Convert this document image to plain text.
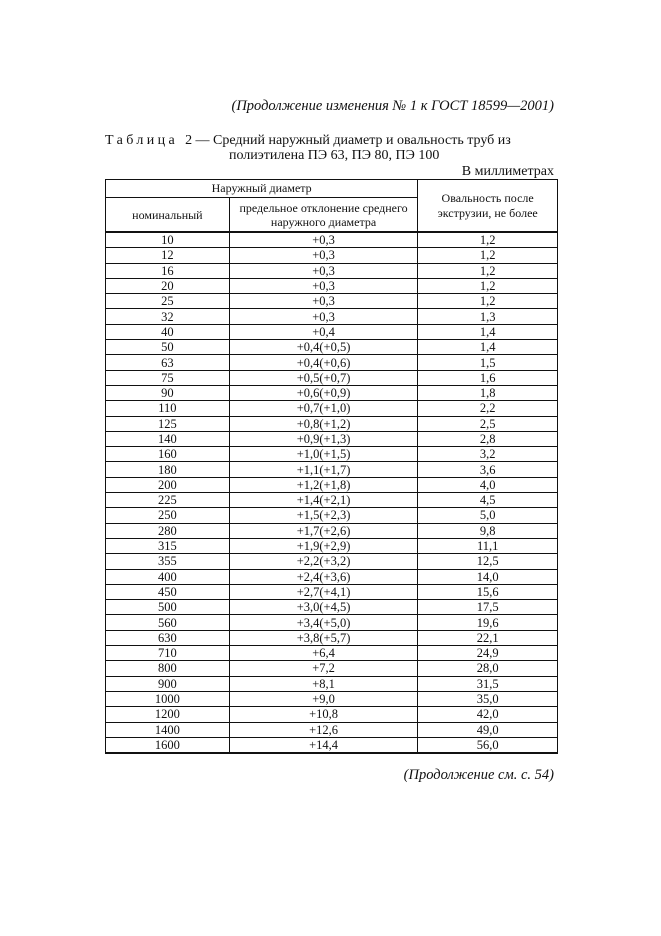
(Продолжение изменения № 1 к ГОСТ 18599—2001)
Таблица 2— Средний наружный диаметр и овальность труб из
полиэтилена ПЭ 63, ПЭ 80, ПЭ 100
В миллиметрах
Наружный диаметр		Овальность после экструзии, не более
номинальный	предельное отклонение среднего наружного диаметра	
10	+0,3	1,2
12	+0,3	1,2
16	+0,3	1,2
20	+0,3	1,2
25	+0,3	1,2
32	+0,3	1,3
40	+0,4	1,4
50	+0,4(+0,5)	1,4
63	+0,4(+0,6)	1,5
75	+0,5(+0,7)	1,6
90	+0,6(+0,9)	1,8
110	+0,7(+1,0)	2,2
125	+0,8(+1,2)	2,5
140	+0,9(+1,3)	2,8
160	+1,0(+1,5)	3,2
180	+1,1(+1,7)	3,6
200	+1,2(+1,8)	4,0
225	+1,4(+2,1)	4,5
250	+1,5(+2,3)	5,0
280	+1,7(+2,6)	9,8
315	+1,9(+2,9)	11,1
355	+2,2(+3,2)	12,5
400	+2,4(+3,6)	14,0
450	+2,7(+4,1)	15,6
500	+3,0(+4,5)	17,5
560	+3,4(+5,0)	19,6
630	+3,8(+5,7)	22,1
710	+6,4	24,9
800	+7,2	28,0
900	+8,1	31,5
1000	+9,0	35,0
1200	+10,8	42,0
1400	+12,6	49,0
1600	+14,4	56,0
(Продолжение см. с. 54)
